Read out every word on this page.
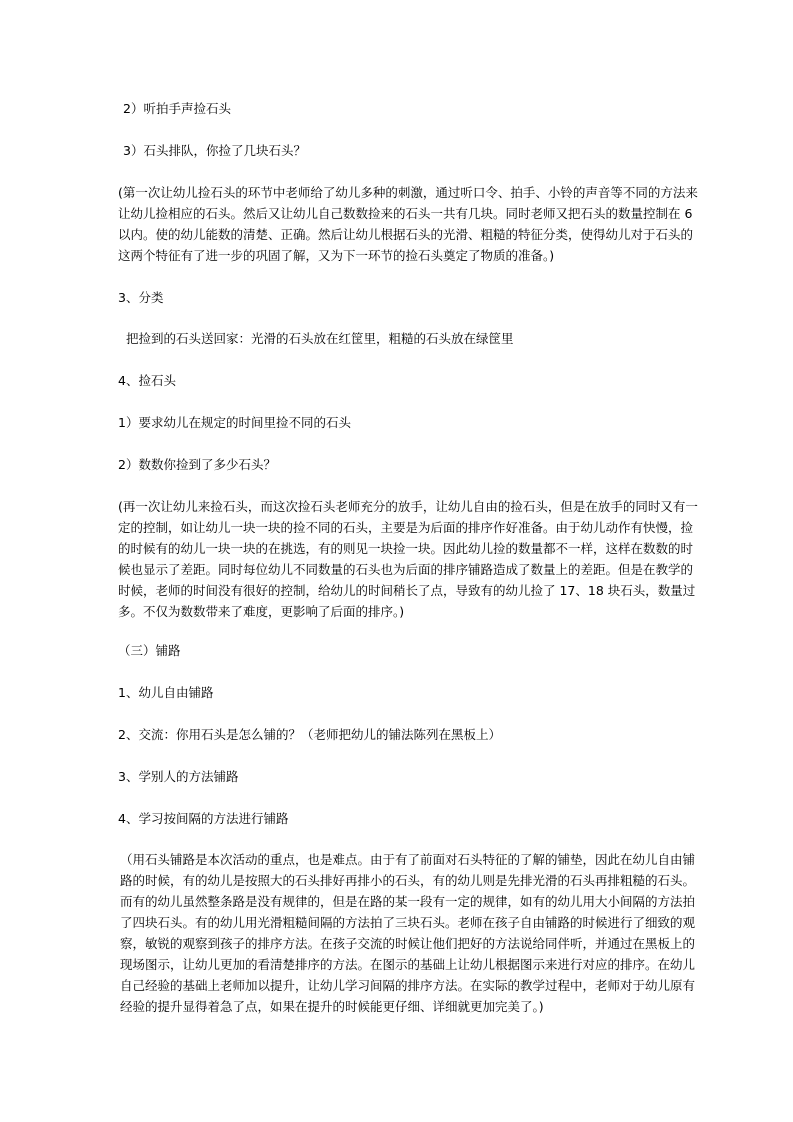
2）听拍手声捡石头
3）石头排队，你捡了几块石头？
(第一次让幼儿捡石头的环节中老师给了幼儿多种的刺激，通过听口令、拍手、小铃的声音等不同的方法来
让幼儿捡相应的石头。然后又让幼儿自己数数捡来的石头一共有几块。同时老师又把石头的数量控制在 6
以内。使的幼儿能数的清楚、正确。然后让幼儿根据石头的光滑、粗糙的特征分类，使得幼儿对于石头的
这两个特征有了进一步的巩固了解，又为下一环节的捡石头奠定了物质的准备。)
3、分类
把捡到的石头送回家：光滑的石头放在红筐里，粗糙的石头放在绿筐里
4、捡石头
1）要求幼儿在规定的时间里捡不同的石头
2）数数你捡到了多少石头？
(再一次让幼儿来捡石头，而这次捡石头老师充分的放手，让幼儿自由的捡石头，但是在放手的同时又有一
定的控制，如让幼儿一块一块的捡不同的石头，主要是为后面的排序作好准备。由于幼儿动作有快慢，捡
的时候有的幼儿一块一块的在挑选，有的则见一块捡一块。因此幼儿捡的数量都不一样，这样在数数的时
候也显示了差距。同时每位幼儿不同数量的石头也为后面的排序铺路造成了数量上的差距。但是在教学的
时候，老师的时间没有很好的控制，给幼儿的时间稍长了点，导致有的幼儿捡了 17、18 块石头，数量过
多。不仅为数数带来了难度，更影响了后面的排序。)
（三）铺路
1、幼儿自由铺路
2、交流：你用石头是怎么铺的？（老师把幼儿的铺法陈列在黑板上）
3、学别人的方法铺路
4、学习按间隔的方法进行铺路
（用石头铺路是本次活动的重点，也是难点。由于有了前面对石头特征的了解的铺垫，因此在幼儿自由铺
路的时候，有的幼儿是按照大的石头排好再排小的石头，有的幼儿则是先排光滑的石头再排粗糙的石头。
而有的幼儿虽然整条路是没有规律的，但是在路的某一段有一定的规律，如有的幼儿用大小间隔的方法拍
了四块石头。有的幼儿用光滑粗糙间隔的方法拍了三块石头。老师在孩子自由铺路的时候进行了细致的观
察，敏锐的观察到孩子的排序方法。在孩子交流的时候让他们把好的方法说给同伴听，并通过在黑板上的
现场图示，让幼儿更加的看清楚排序的方法。在图示的基础上让幼儿根据图示来进行对应的排序。在幼儿
自己经验的基础上老师加以提升，让幼儿学习间隔的排序方法。在实际的教学过程中，老师对于幼儿原有
经验的提升显得着急了点，如果在提升的时候能更仔细、详细就更加完美了。)
